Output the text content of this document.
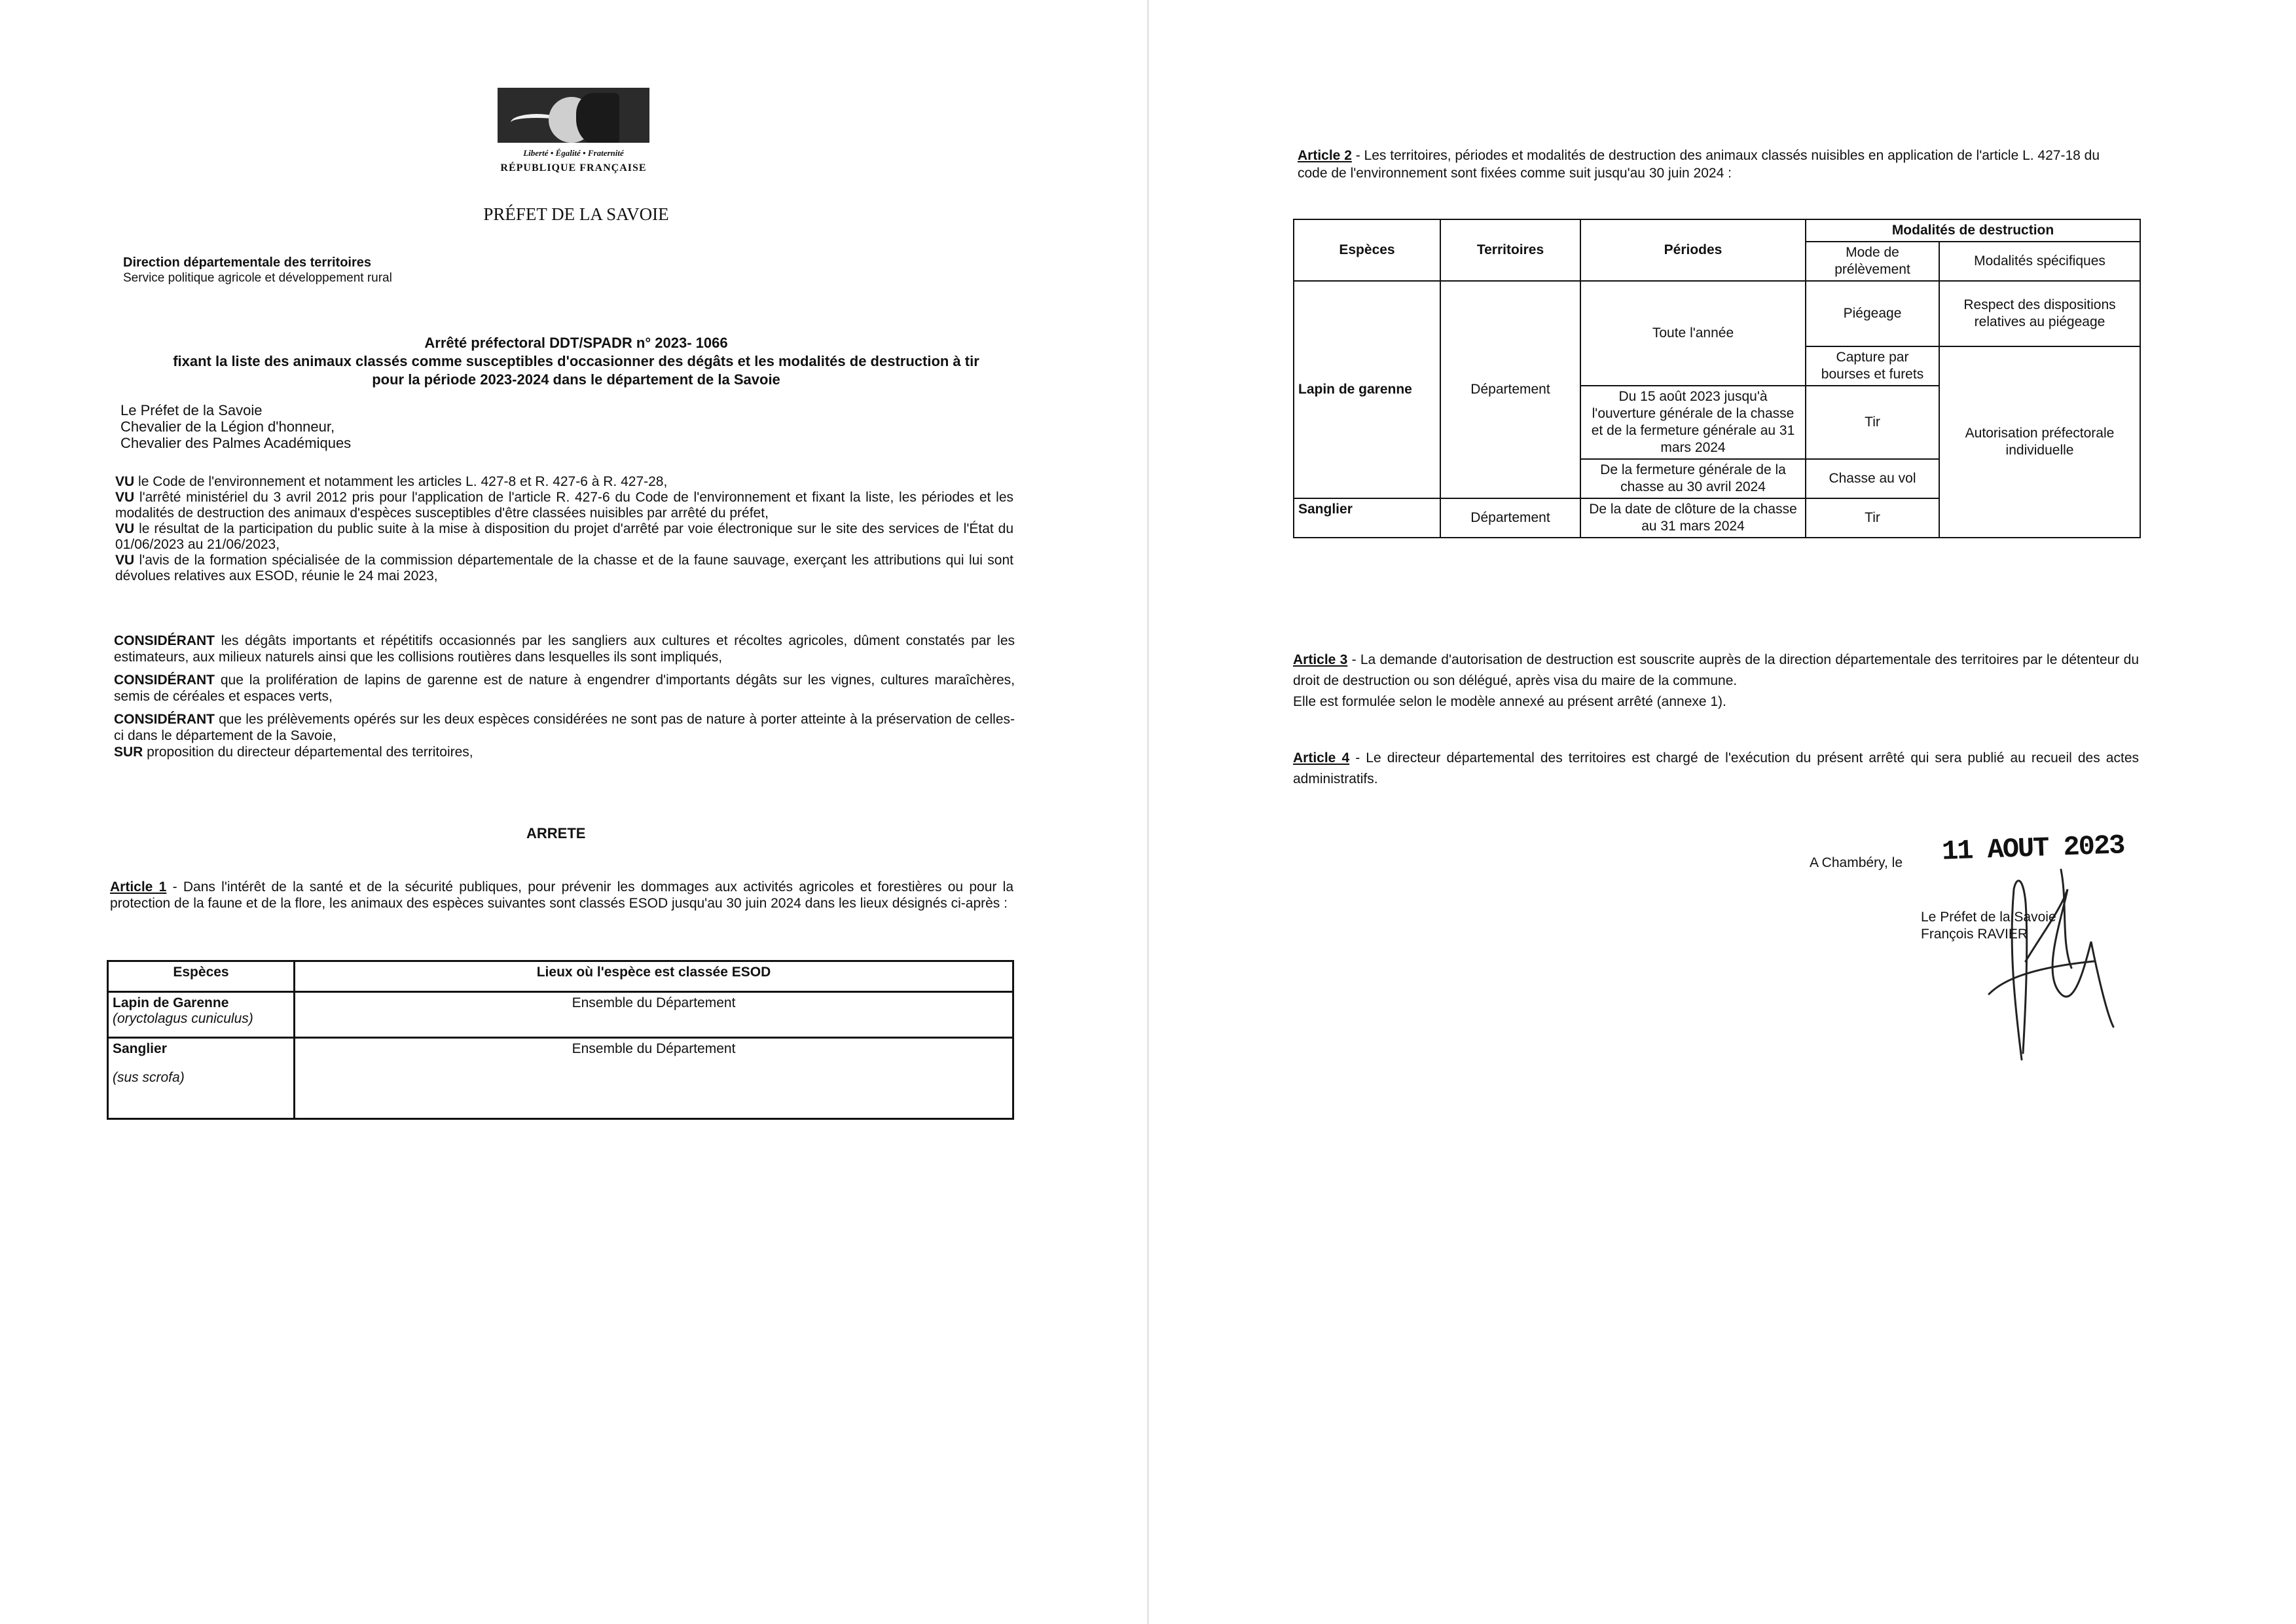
Liberté • Égalité • Fraternité
RÉPUBLIQUE FRANÇAISE
PRÉFET DE LA SAVOIE
Direction départementale des territoires
Service politique agricole et développement rural
Arrêté préfectoral DDT/SPADR n° 2023- 1066
fixant la liste des animaux classés comme susceptibles d'occasionner des dégâts et les modalités de destruction à tir
pour la période 2023-2024 dans le département de la Savoie
Le Préfet de la Savoie
Chevalier de la Légion d'honneur,
Chevalier des Palmes Académiques

VU le Code de l'environnement et notamment les articles L. 427-8 et R. 427-6 à R. 427-28,

VU l'arrêté ministériel du 3 avril 2012 pris pour l'application de l'article R. 427-6 du Code de l'environnement et fixant la liste, les périodes et les modalités de destruction des animaux d'espèces susceptibles d'être classées nuisibles par arrêté du préfet,

VU le résultat de la participation du public suite à la mise à disposition du projet d'arrêté par voie électronique sur le site des services de l'État du 01/06/2023 au 21/06/2023,

VU l'avis de la formation spécialisée de la commission départementale de la chasse et de la faune sauvage, exerçant les attributions qui lui sont dévolues relatives aux ESOD, réunie le 24 mai 2023,

CONSIDÉRANT les dégâts importants et répétitifs occasionnés par les sangliers aux cultures et récoltes agricoles, dûment constatés par les estimateurs, aux milieux naturels ainsi que les collisions routières dans lesquelles ils sont impliqués,

CONSIDÉRANT que la prolifération de lapins de garenne est de nature à engendrer d'importants dégâts sur les vignes, cultures maraîchères, semis de céréales et espaces verts,

CONSIDÉRANT que les prélèvements opérés sur les deux espèces considérées ne sont pas de nature à porter atteinte à la préservation de celles-ci dans le département de la Savoie,

SUR proposition du directeur départemental des territoires,

ARRETE
Article 1 - Dans l'intérêt de la santé et de la sécurité publiques, pour prévenir les dommages aux activités agricoles et forestières ou pour la protection de la faune et de la flore, les animaux des espèces suivantes sont classés ESOD jusqu'au 30 juin 2024 dans les lieux désignés ci-après :
Espèces	Lieux où l'espèce est classée ESOD

Lapin de Garenne
(oryctolagus cuniculus)	Ensemble du Département

Sanglier
(sus scrofa)	Ensemble du Département
Article 2 - Les territoires, périodes et modalités de destruction des animaux classés nuisibles en application de l'article L. 427-18 du code de l'environnement sont fixées comme suit jusqu'au 30 juin 2024 :
Espèces	Territoires	Périodes	Modalités de destruction	
			Mode de prélèvement	Modalités spécifiques
Lapin de garenne	Département	Toute l'année	Piégeage	Respect des dispositions relatives au piégeage
			Capture par bourses et furets	Autorisation préfectorale individuelle
		Du 15 août 2023 jusqu'à l'ouverture générale de la chasse et de la fermeture générale au 31 mars 2024	Tir	

		De la fermeture générale de la chasse au 30 avril 2024	Chasse au vol	
Sanglier	Département	De la date de clôture de la chasse au 31 mars 2024	Tir	

Article 3 - La demande d'autorisation de destruction est souscrite auprès de la direction départementale des territoires par le détenteur du droit de destruction ou son délégué, après visa du maire de la commune.

Elle est formulée selon le modèle annexé au présent arrêté (annexe 1).

Article 4 - Le directeur départemental des territoires est chargé de l'exécution du présent arrêté qui sera publié au recueil des actes administratifs.

A Chambéry, le 11 AOUT 2023
Le Préfet de la Savoie
François RAVIER
